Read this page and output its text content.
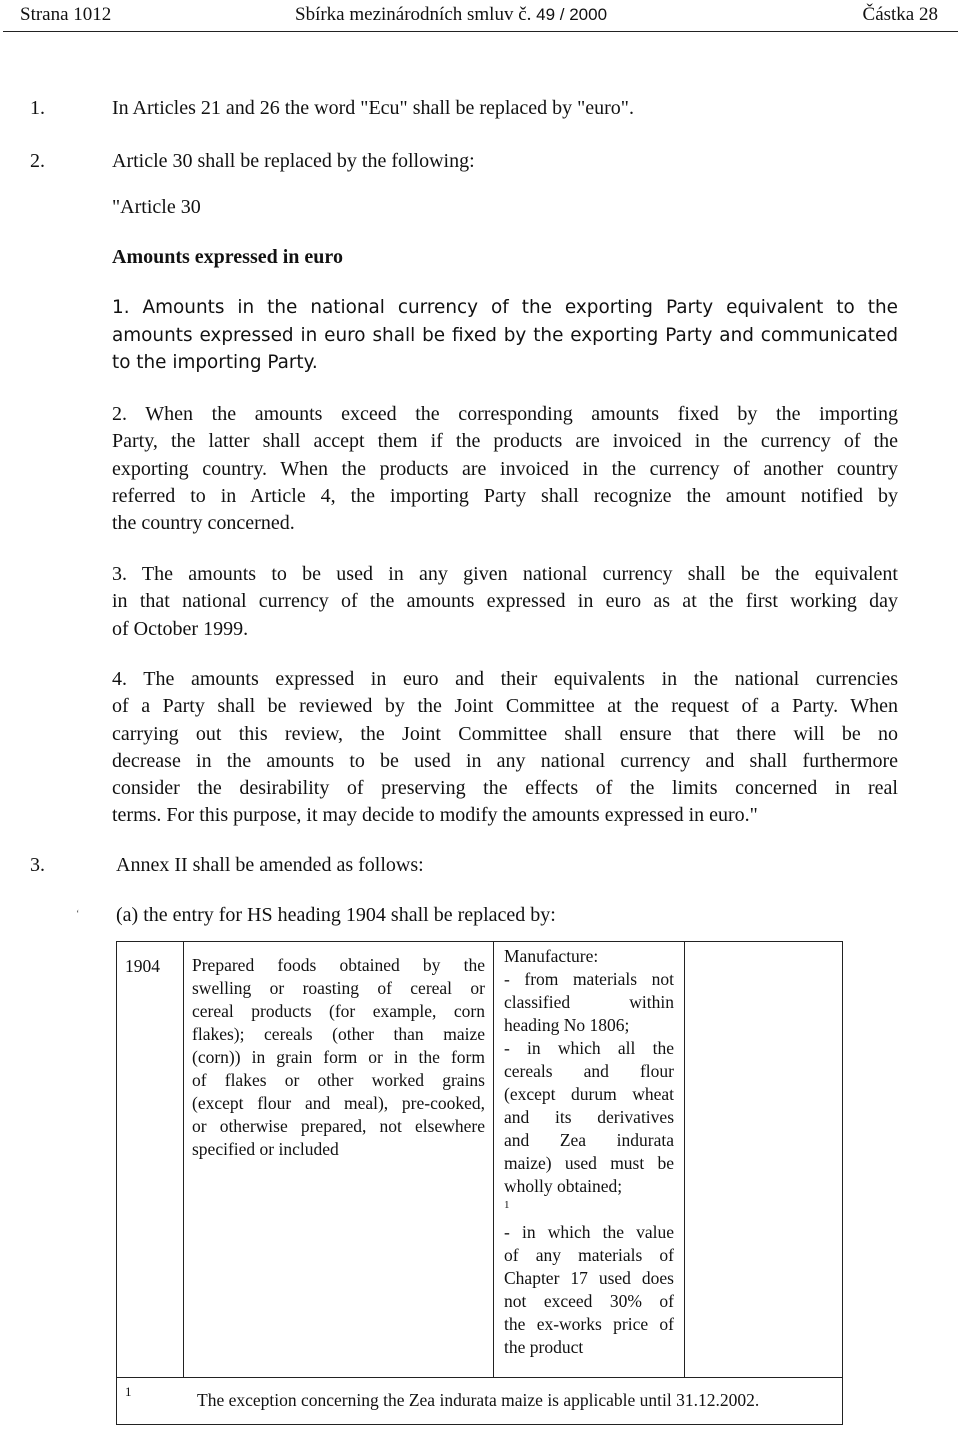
Strana 1012	Sbírka mezinárodních smluv č. 49 / 2000	Částka 28
1.	In Articles 21 and 26 the word "Ecu" shall be replaced by "euro".
2.	Article 30 shall be replaced by the following:
"Article 30
Amounts expressed in euro
1. Amounts in the national currency of the exporting Party equivalent to the
amounts expressed in euro shall be fixed by the exporting Party and communicated
to the importing Party.
2. When the amounts exceed the corresponding amounts fixed by the importing
Party, the latter shall accept them if the products are invoiced in the currency of the
exporting country. When the products are invoiced in the currency of another country
referred to in Article 4, the importing Party shall recognize the amount notified by
the country concerned.
3. The amounts to be used in any given national currency shall be the equivalent
in that national currency of the amounts expressed in euro as at the first working day
of October 1999.
4. The amounts expressed in euro and their equivalents in the national currencies
of a Party shall be reviewed by the Joint Committee at the request of a Party. When
carrying out this review, the Joint Committee shall ensure that there will be no
decrease in the amounts to be used in any national currency and shall furthermore
consider the desirability of preserving the effects of the limits concerned in real
terms. For this purpose, it may decide to modify the amounts expressed in euro."
3.	Annex II shall be amended as follows:
‘ (a) the entry for HS heading 1904 shall be replaced by:
1904	Prepared foods obtained by the
swelling or roasting of cereal or
cereal products (for example, corn
flakes); cereals (other than maize
(corn)) in grain form or in the form
of flakes or other worked grains
(except flour and meal), pre-cooked,
or otherwise prepared, not elsewhere
specified or included

Manufacture:
- from materials not
classified within
heading No 1806;
- in which all the
cereals and flour
(except durum wheat
and its derivatives
and Zea indurata
maize) used must be
wholly obtained;
$^1$

- in which the value
of any materials of
Chapter 17 used does
not exceed 30% of
the ex-works price of
the product

1	The exception concerning the Zea indurata maize is applicable until 31.12.2002.
